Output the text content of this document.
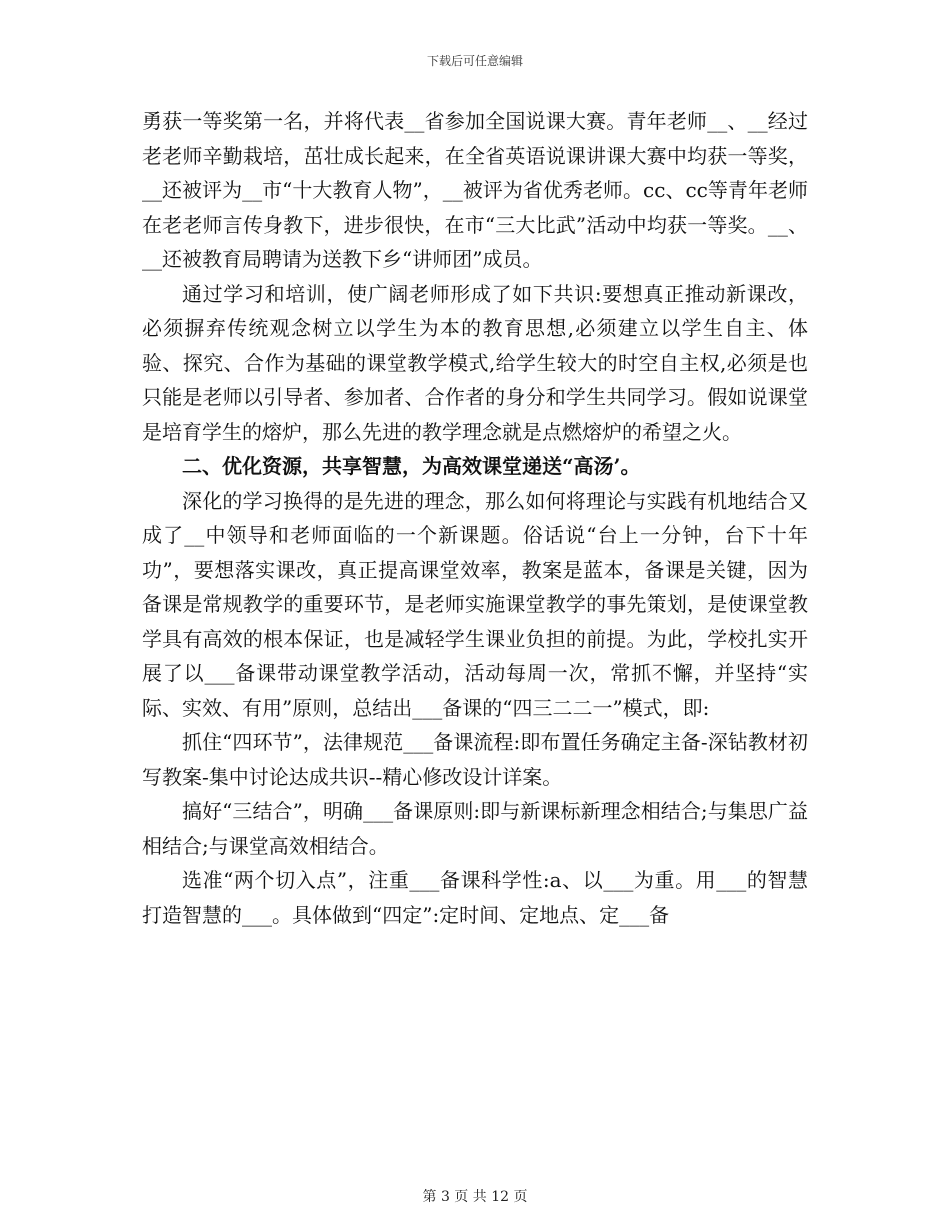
下载后可任意编辑

勇获一等奖第一名，并将代表__省参加全国说课大赛。青年老师__、__经过老老师辛勤栽培，茁壮成长起来，在全省英语说课讲课大赛中均获一等奖，__还被评为__市“十大教育人物”，__被评为省优秀老师。cc、cc等青年老师在老老师言传身教下，进步很快，在市“三大比武”活动中均获一等奖。__、__还被教育局聘请为送教下乡“讲师团”成员。

通过学习和培训，使广阔老师形成了如下共识:要想真正推动新课改，必须摒弃传统观念树立以学生为本的教育思想,必须建立以学生自主、体验、探究、合作为基础的课堂教学模式,给学生较大的时空自主权,必须是也只能是老师以引导者、参加者、合作者的身分和学生共同学习。假如说课堂是培育学生的熔炉，那么先进的教学理念就是点燃熔炉的希望之火。

二、优化资源，共享智慧，为高效课堂递送“高汤’。

深化的学习换得的是先进的理念，那么如何将理论与实践有机地结合又成了__中领导和老师面临的一个新课题。俗话说“台上一分钟，台下十年功”，要想落实课改，真正提高课堂效率，教案是蓝本，备课是关键，因为备课是常规教学的重要环节，是老师实施课堂教学的事先策划，是使课堂教学具有高效的根本保证，也是减轻学生课业负担的前提。为此，学校扎实开展了以___备课带动课堂教学活动，活动每周一次，常抓不懈，并坚持“实际、实效、有用”原则，总结出___备课的“四三二二一”模式，即:

抓住“四环节”，法律规范___备课流程:即布置任务确定主备-深钻教材初写教案-集中讨论达成共识--精心修改设计详案。

搞好“三结合”，明确___备课原则:即与新课标新理念相结合;与集思广益相结合;与课堂高效相结合。

选准“两个切入点”，注重___备课科学性:a、以___为重。用___的智慧打造智慧的___。具体做到“四定”:定时间、定地点、定___备

第 3 页 共 12 页
